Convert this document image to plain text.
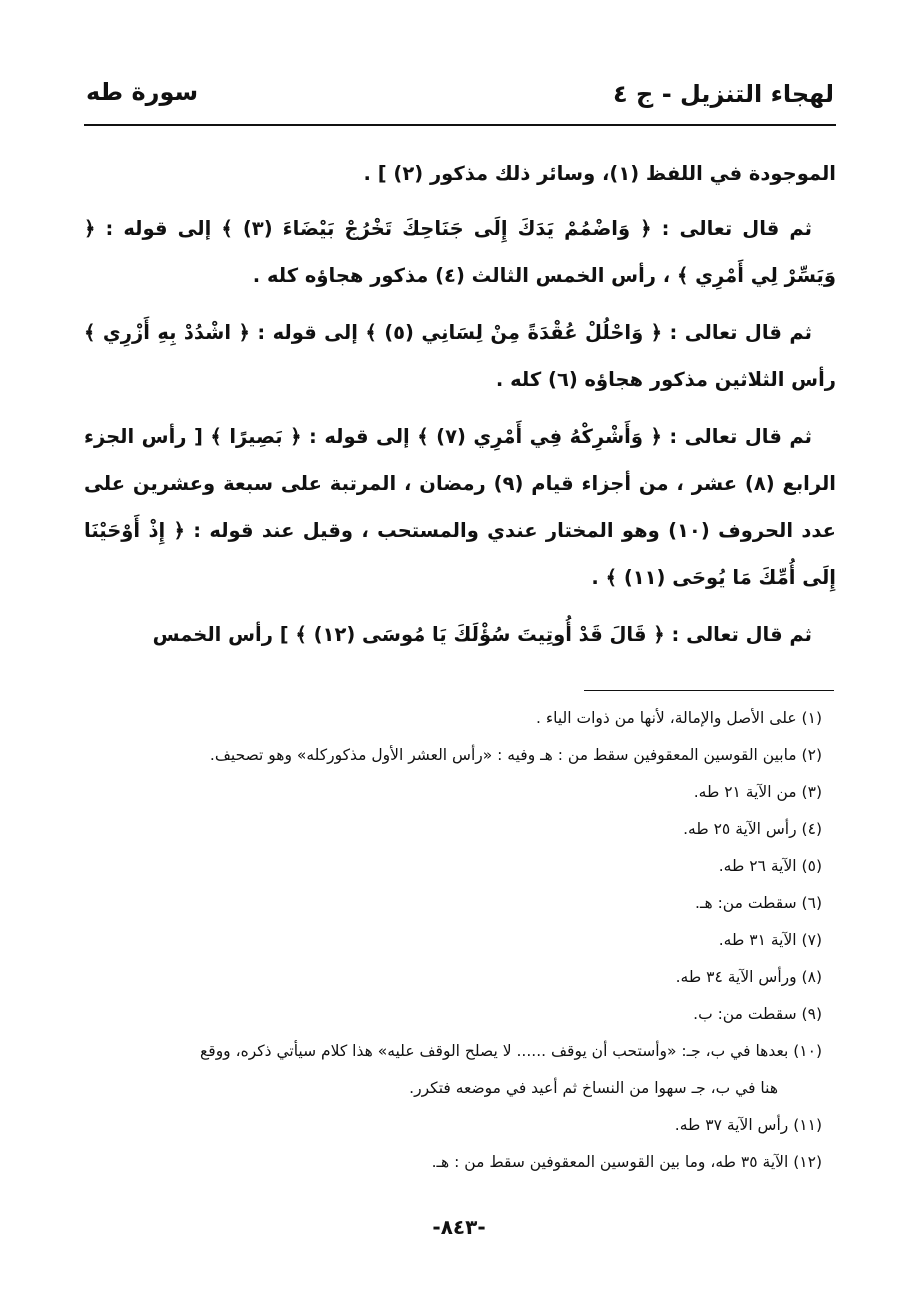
لهجاء التنزيل - ج ٤
سورة طه

الموجودة في اللفظ (١)، وسائر ذلك مذكور (٢) ] .

ثم قال تعالى : ﴿ وَاضْمُمْ يَدَكَ إِلَى جَنَاحِكَ تَخْرُجْ بَيْضَاءَ (٣) ﴾ إلى قوله : ﴿ وَيَسِّرْ لِي أَمْرِي ﴾ ، رأس الخمس الثالث (٤) مذكور هجاؤه كله .

ثم قال تعالى : ﴿ وَاحْلُلْ عُقْدَةً مِنْ لِسَانِي (٥) ﴾ إلى قوله : ﴿ اشْدُدْ بِهِ أَزْرِي ﴾ رأس الثلاثين مذكور هجاؤه (٦) كله .

ثم قال تعالى : ﴿ وَأَشْرِكْهُ فِي أَمْرِي (٧) ﴾ إلى قوله : ﴿ بَصِيرًا ﴾ [ رأس الجزء الرابع (٨) عشر ، من أجزاء قيام (٩) رمضان ، المرتبة على سبعة وعشرين على عدد الحروف (١٠) وهو المختار عندي والمستحب ، وقيل عند قوله : ﴿ إِذْ أَوْحَيْنَا إِلَى أُمِّكَ مَا يُوحَى (١١) ﴾ .

ثم قال تعالى : ﴿ قَالَ قَدْ أُوتِيتَ سُؤْلَكَ يَا مُوسَى (١٢) ﴾ ] رأس الخمس

(١) على الأصل والإمالة، لأنها من ذوات الياء .
(٢) مابين القوسين المعقوفين سقط من : هـ وفيه : «رأس العشر الأول مذكوركله» وهو تصحيف.
(٣) من الآية ٢١ طه.
(٤) رأس الآية ٢٥ طه.
(٥) الآية ٢٦ طه.
(٦) سقطت من: هـ.
(٧) الآية ٣١ طه.
(٨) ورأس الآية ٣٤ طه.
(٩) سقطت من: ب.
(١٠) بعدها في ب، جـ: «وأستحب أن يوقف ...... لا يصلح الوقف عليه» هذا كلام سيأتي ذكره، ووقع
هنا في ب، جـ سهوا من النساخ ثم أعيد في موضعه فتكرر.
(١١) رأس الآية ٣٧ طه.
(١٢) الآية ٣٥ طه، وما بين القوسين المعقوفين سقط من : هـ.
-٨٤٣-
